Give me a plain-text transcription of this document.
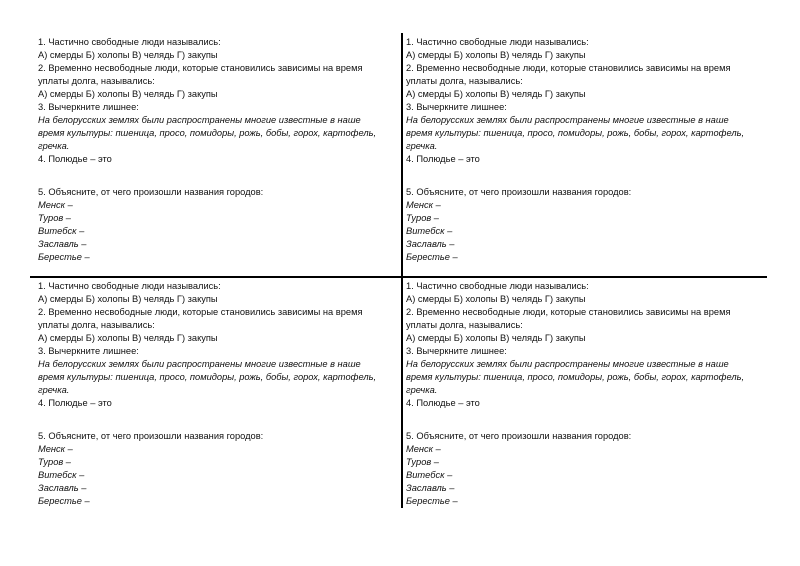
1. Частично свободные люди назывались:
А) смерды Б) холопы В) челядь Г) закупы
2. Временно несвободные люди, которые становились зависимы на время
уплаты долга, назывались:
А) смерды Б) холопы В) челядь Г) закупы
3. Вычеркните лишнее:
На белорусских землях были распространены многие известные в наше
время культуры: пшеница, просо, помидоры, рожь, бобы, горох, картофель,
гречка.
4. Полюдье – это
5. Объясните, от чего произошли названия городов:
Менск –
Туров –
Витебск –
Заславль –
Берестье –
1. Частично свободные люди назывались:
А) смерды Б) холопы В) челядь Г) закупы
2. Временно несвободные люди, которые становились зависимы на время
уплаты долга, назывались:
А) смерды Б) холопы В) челядь Г) закупы
3. Вычеркните лишнее:
На белорусских землях были распространены многие известные в наше
время культуры: пшеница, просо, помидоры, рожь, бобы, горох, картофель,
гречка.
4. Полюдье – это
5. Объясните, от чего произошли названия городов:
Менск –
Туров –
Витебск –
Заславль –
Берестье –
1. Частично свободные люди назывались:
А) смерды Б) холопы В) челядь Г) закупы
2. Временно несвободные люди, которые становились зависимы на время
уплаты долга, назывались:
А) смерды Б) холопы В) челядь Г) закупы
3. Вычеркните лишнее:
На белорусских землях были распространены многие известные в наше
время культуры: пшеница, просо, помидоры, рожь, бобы, горох, картофель,
гречка.
4. Полюдье – это
5. Объясните, от чего произошли названия городов:
Менск –
Туров –
Витебск –
Заславль –
Берестье –
1. Частично свободные люди назывались:
А) смерды Б) холопы В) челядь Г) закупы
2. Временно несвободные люди, которые становились зависимы на время
уплаты долга, назывались:
А) смерды Б) холопы В) челядь Г) закупы
3. Вычеркните лишнее:
На белорусских землях были распространены многие известные в наше
время культуры: пшеница, просо, помидоры, рожь, бобы, горох, картофель,
гречка.
4. Полюдье – это
5. Объясните, от чего произошли названия городов:
Менск –
Туров –
Витебск –
Заславль –
Берестье –
